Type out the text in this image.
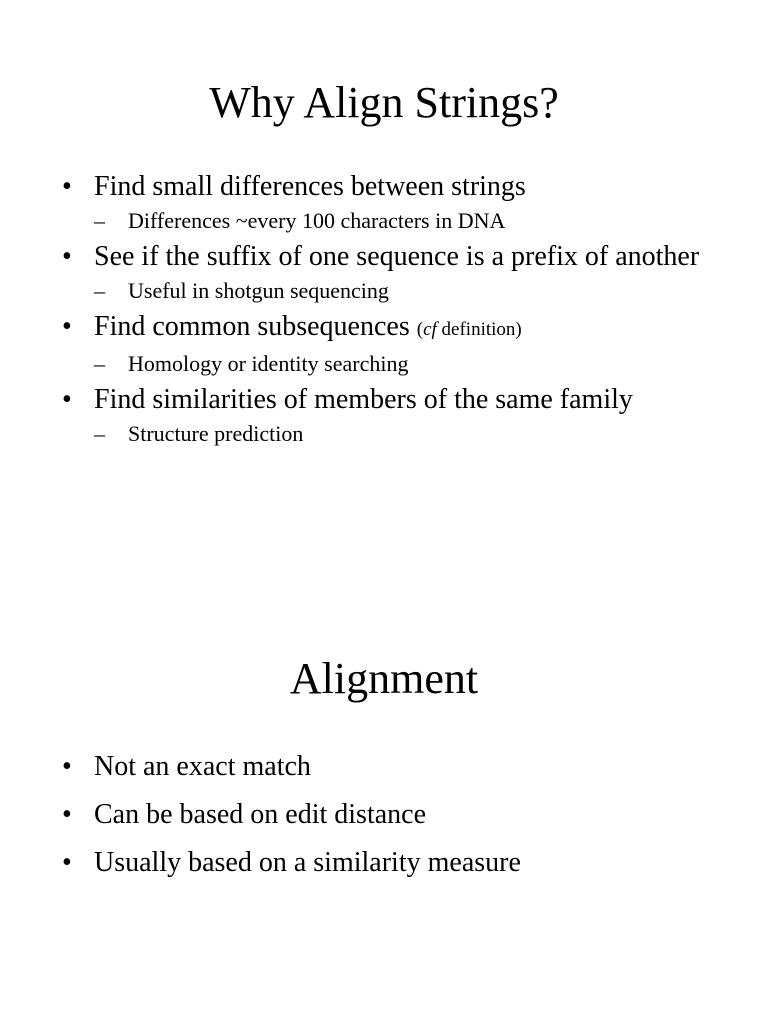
Why Align Strings?
• Find small differences between strings
– Differences ~every 100 characters in DNA
• See if the suffix of one sequence is a prefix of another
– Useful in shotgun sequencing
• Find common subsequences (cf definition)
– Homology or identity searching
• Find similarities of members of the same family
– Structure prediction
Alignment
• Not an exact match
• Can be based on edit distance
• Usually based on a similarity measure
